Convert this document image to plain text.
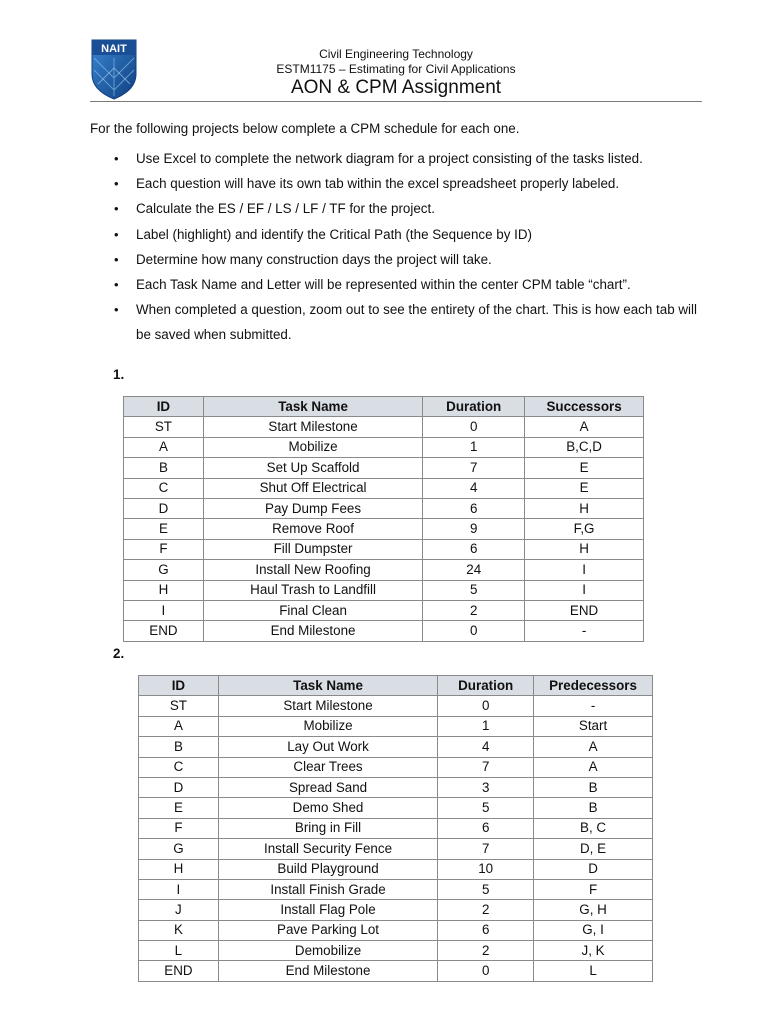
NAIT	Civil Engineering Technology
ESTM1175 – Estimating for Civil Applications
AON & CPM Assignment
For the following projects below complete a CPM schedule for each one.
• Use Excel to complete the network diagram for a project consisting of the tasks listed.
• Each question will have its own tab within the excel spreadsheet properly labeled.
• Calculate the ES / EF / LS / LF / TF for the project.
• Label (highlight) and identify the Critical Path (the Sequence by ID)
• Determine how many construction days the project will take.
• Each Task Name and Letter will be represented within the center CPM table “chart”.
• When completed a question, zoom out to see the entirety of the chart. This is how each tab will be saved when submitted.
1.
ID	Task Name	Duration	Successors
ST	Start Milestone	0	A
A	Mobilize	1	B,C,D
B	Set Up Scaffold	7	E
C	Shut Off Electrical	4	E
D	Pay Dump Fees	6	H
E	Remove Roof	9	F,G
F	Fill Dumpster	6	H
G	Install New Roofing	24	I
H	Haul Trash to Landfill	5	I
I	Final Clean	2	END
END	End Milestone	0	-
2.
ID	Task Name	Duration	Predecessors
ST	Start Milestone	0	-
A	Mobilize	1	Start
B	Lay Out Work	4	A
C	Clear Trees	7	A
D	Spread Sand	3	B
E	Demo Shed	5	B
F	Bring in Fill	6	B, C
G	Install Security Fence	7	D, E
H	Build Playground	10	D
I	Install Finish Grade	5	F
J	Install Flag Pole	2	G, H
K	Pave Parking Lot	6	G, I
L	Demobilize	2	J, K
END	End Milestone	0	L
